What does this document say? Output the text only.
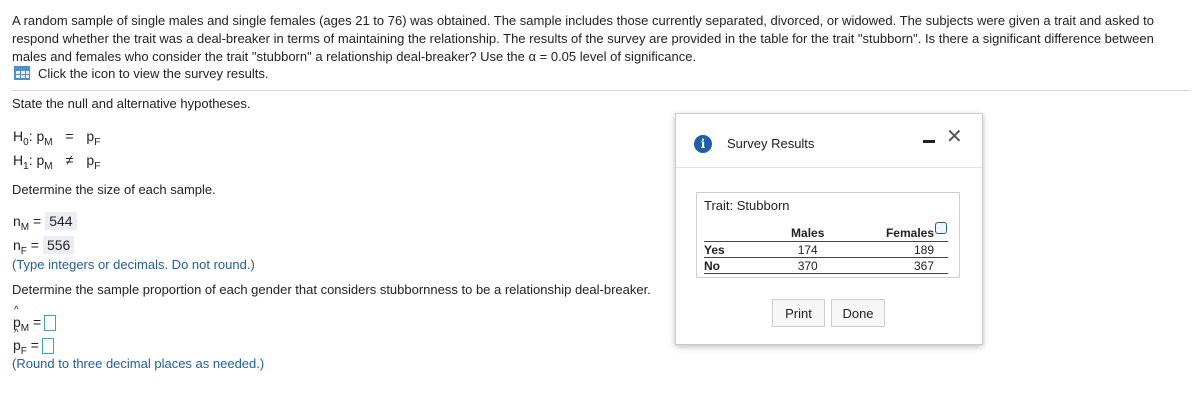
A random sample of single males and single females (ages 21 to 76) was obtained. The sample includes those currently separated, divorced, or widowed. The subjects were given a trait and asked to respond whether the trait was a deal-breaker in terms of maintaining the relationship. The results of the survey are provided in the table for the trait "stubborn". Is there a significant difference between males and females who consider the trait "stubborn" a relationship deal-breaker? Use the α = 0.05 level of significance.
Click the icon to view the survey results.
State the null and alternative hypotheses.
$H_0$: $p_M = p_F$
$H_1$: $p_M \ne p_F$
Determine the size of each sample.
$n_M = 544$
$n_F = 556$
(Type integers or decimals. Do not round.)
Determine the sample proportion of each gender that considers stubbornness to be a relationship deal-breaker.
^ $p_M$ =
^ $p_F$ =
(Round to three decimal places as needed.)
i	Survey Results	✕
Trait: Stubborn
	Males	Females
Yes	174	189
No	370	367
Print	Done
